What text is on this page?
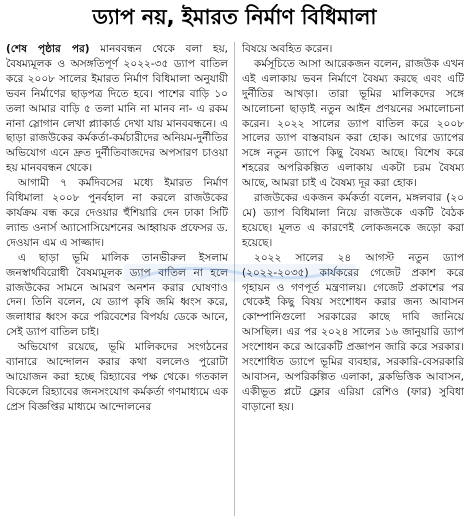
ড্যাপ নয়, ইমারত নির্মাণ বিধিমালা

(শেষ পৃষ্ঠার পর) মানববন্ধন থেকে বলা হয়, বৈষম্যমূলক ও অসঙ্গতিপূর্ণ ২০২২-৩৫ ড্যাপ বাতিল করে ২০০৮ সালের ইমারত নির্মাণ বিধিমালা অনুযায়ী ভবন নির্মাণের ছাড়পত্র দিতে হবে। পাশের বাড়ি ১০ তলা আমার বাড়ি ৫ তলা মানি না মানব না- এ রকম নানা স্লোগান লেখা প্ল্যাকার্ড দেখা যায় মানববন্ধনে। এ ছাড়া রাজউকের কর্মকর্তা-কর্মচারীদের অনিয়ম-দুর্নীতির অভিযোগ এনে দ্রুত দুর্নীতিবাজদের অপসারণ চাওয়া হয় মানববন্ধন থেকে।

আগামী ৭ কর্মদিবসের মধ্যে ইমারত নির্মাণ বিধিমালা ২০০৮ পুনর্বহাল না করলে রাজউকের কার্যক্রম বন্ধ করে দেওয়ার হুঁশিয়ারি দেন ঢাকা সিটি ল্যান্ড ওনার্স অ্যাসোসিয়েশনের আহ্বায়ক প্রফেসর ড. দেওয়ান এম এ সাজ্জাদ।

এ ছাড়া ভূমি মালিক তানভীরুল ইসলাম জনস্বার্থবিরোধী বৈষম্যমূলক ড্যাপ বাতিল না হলে রাজউকের সামনে আমরণ অনশন করার ঘোষণাও দেন। তিনি বলেন, যে ড্যাপ কৃষি জমি ধ্বংস করে, জলাধার ধ্বংস করে পরিবেশের বিপর্যয় ডেকে আনে, সেই ড্যাপ বাতিল চাই।

অভিযোগ রয়েছে, ভূমি মালিকদের সংগঠনের ব্যানারে আন্দোলন করার কথা বললেও পুরোটা আয়োজন করা হচ্ছে রিহ্যাবের পক্ষ থেকে। গতকাল বিকেলে রিহ্যাবের জনসংযোগ কর্মকর্তা গণমাধ্যমে এক প্রেস বিজ্ঞপ্তির মাধ্যমে আন্দোলনের

বিষয়ে অবহিত করেন।

কর্মসূচিতে আসা আরেকজন বলেন, রাজউক এখন এই এলাকায় ভবন নির্মাণে বৈষম্য করছে এবং এটি দুর্নীতির আখড়া। তারা ভূমির মালিকদের সঙ্গে আলোচনা ছাড়াই নতুন আইন প্রণয়নের সমালোচনা করেন। ২০২২ সালের ড্যাপ বাতিল করে ২০০৮ সালের ড্যাপ বাস্তবায়ন করা হোক। আগের ড্যাপের সঙ্গে নতুন ড্যাপে কিছু বৈষম্য আছে। বিশেষ করে শহরের অপরিকল্পিত এলাকায় একটা চরম বৈষম্য আছে, আমরা চাই এ বৈষম্য দূর করা হোক।

রাজউকের একজন কর্মকর্তা বলেন, মঙ্গলবার (২০ মে) ড্যাপ বিধিমালা নিয়ে রাজউকে একটি বৈঠক হয়েছে। মূলত এ কারণেই লোকজনকে জড়ো করা হয়েছে।

২০২২ সালের ২৪ আগস্ট নতুন ড্যাপ (২০২২-২০৩৫) কার্যকরের গেজেট প্রকাশ করে গৃহায়ন ও গণপূর্ত মন্ত্রণালয়। গেজেট প্রকাশের পর থেকেই কিছু বিষয় সংশোধন করার জন্য আবাসন কোম্পানিগুলো সরকারের কাছে দাবি জানিয়ে আসছিল। এর পর ২০২৪ সালের ১৬ জানুয়ারি ড্যাপ সংশোধন করে আরেকটি প্রজ্ঞাপন জারি করে সরকার। সংশোধিত ড্যাপে ভূমির ব্যবহার, সরকারি-বেসরকারি আবাসন, অপরিকল্পিত এলাকা, ব্লকভিত্তিক আবাসন, একীভূত প্লটে ফ্লোর এরিয়া রেশিও (ফার) সুবিধা বাড়ানো হয়।
